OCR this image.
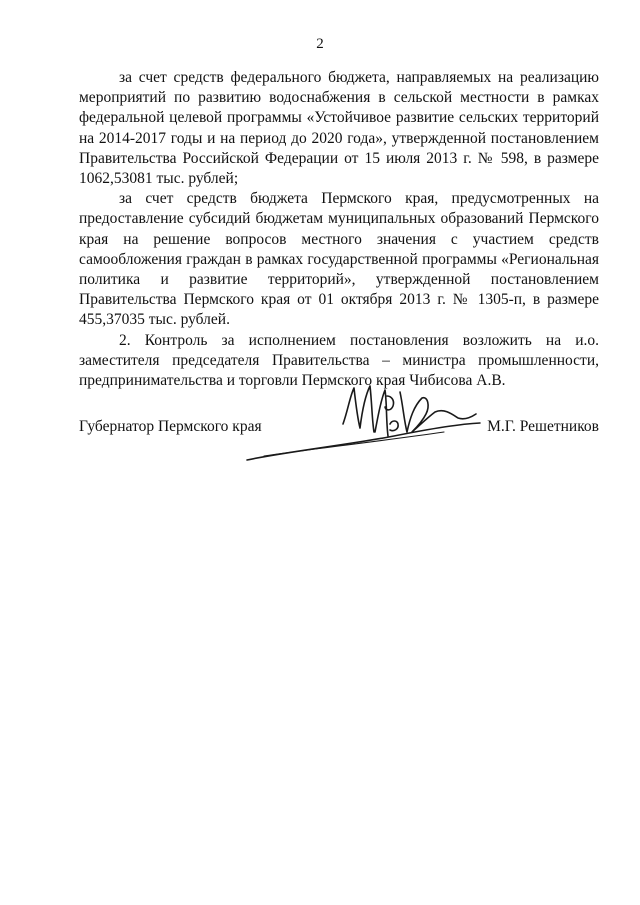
2

за счет средств федерального бюджета, направляемых на реализацию мероприятий по развитию водоснабжения в сельской местности в рамках федеральной целевой программы «Устойчивое развитие сельских территорий на 2014-2017 годы и на период до 2020 года», утвержденной постановлением Правительства Российской Федерации от 15 июля 2013 г. № 598, в размере 1062,53081 тыс. рублей;

за счет средств бюджета Пермского края, предусмотренных на предоставление субсидий бюджетам муниципальных образований Пермского края на решение вопросов местного значения с участием средств самообложения граждан в рамках государственной программы «Региональная политика и развитие территорий», утвержденной постановлением Правительства Пермского края от 01 октября 2013 г. № 1305-п, в размере 455,37035 тыс. рублей.

2. Контроль за исполнением постановления возложить на и.о. заместителя председателя Правительства – министра промышленности, предпринимательства и торговли Пермского края Чибисова А.В.

Губернатор Пермского края	М.Г. Решетников
